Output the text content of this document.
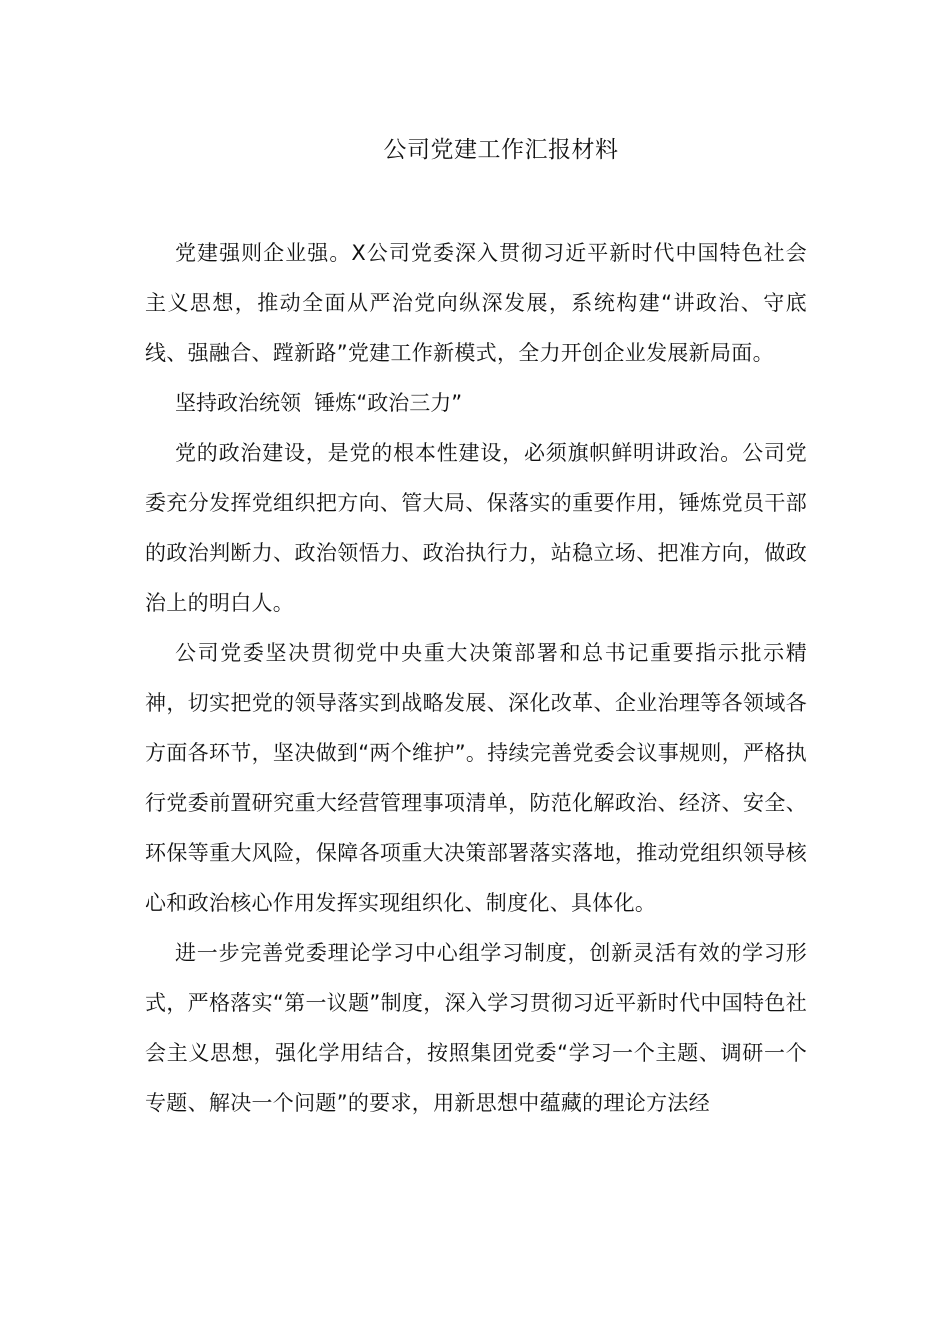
公司党建工作汇报材料

党建强则企业强。X公司党委深入贯彻习近平新时代中国特色社会主义思想，推动全面从严治党向纵深发展，系统构建“讲政治、守底线、强融合、蹚新路”党建工作新模式，全力开创企业发展新局面。

坚持政治统领  锤炼“政治三力”

党的政治建设，是党的根本性建设，必须旗帜鲜明讲政治。公司党委充分发挥党组织把方向、管大局、保落实的重要作用，锤炼党员干部的政治判断力、政治领悟力、政治执行力，站稳立场、把准方向，做政治上的明白人。

公司党委坚决贯彻党中央重大决策部署和总书记重要指示批示精神，切实把党的领导落实到战略发展、深化改革、企业治理等各领域各方面各环节，坚决做到“两个维护”。持续完善党委会议事规则，严格执行党委前置研究重大经营管理事项清单，防范化解政治、经济、安全、环保等重大风险，保障各项重大决策部署落实落地，推动党组织领导核心和政治核心作用发挥实现组织化、制度化、具体化。

进一步完善党委理论学习中心组学习制度，创新灵活有效的学习形式，严格落实“第一议题”制度，深入学习贯彻习近平新时代中国特色社会主义思想，强化学用结合，按照集团党委“学习一个主题、调研一个专题、解决一个问题”的要求，用新思想中蕴藏的理论方法经
